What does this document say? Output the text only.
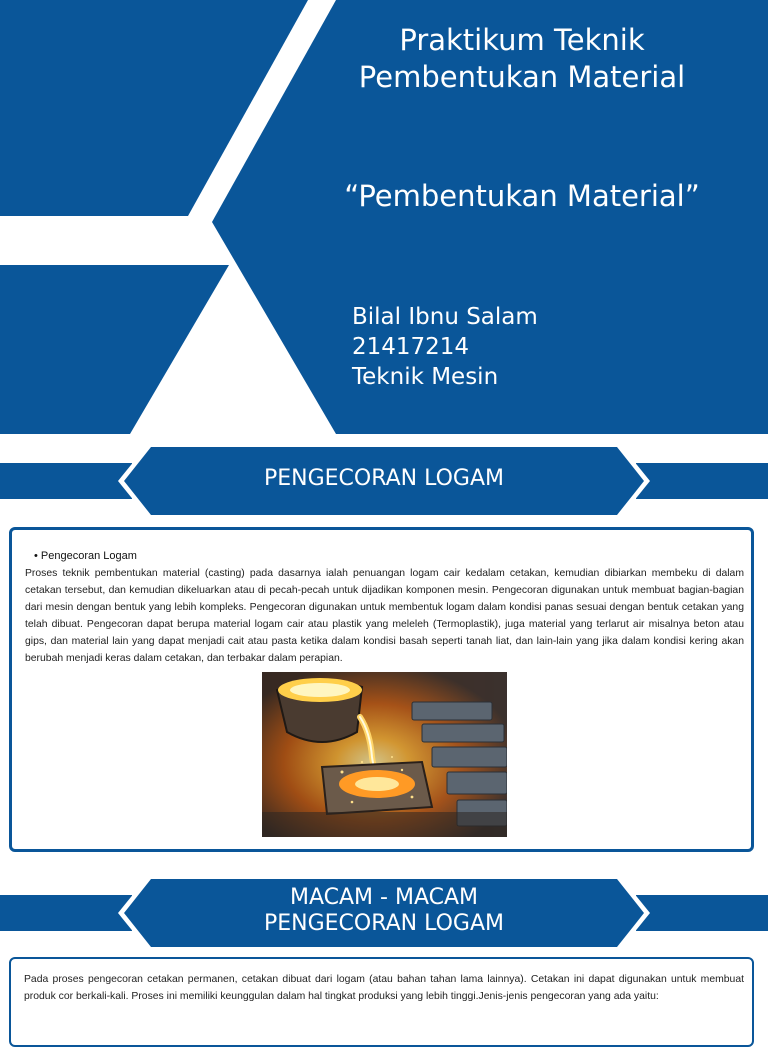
Praktikum Teknik
Pembentukan Material
“Pembentukan Material”
Bilal Ibnu Salam
21417214
Teknik Mesin
PENGECORAN LOGAM
• Pengecoran Logam
Proses teknik pembentukan material (casting) pada dasarnya ialah penuangan logam cair kedalam cetakan, kemudian dibiarkan membeku di dalam cetakan tersebut, dan kemudian dikeluarkan atau di pecah-pecah untuk dijadikan komponen mesin. Pengecoran digunakan untuk membuat bagian-bagian dari mesin dengan bentuk yang lebih kompleks. Pengecoran digunakan untuk membentuk logam dalam kondisi panas sesuai dengan bentuk cetakan yang telah dibuat. Pengecoran dapat berupa material logam cair atau plastik yang meleleh (Termoplastik), juga material yang terlarut air misalnya beton atau gips, dan material lain yang dapat menjadi cait atau pasta ketika dalam kondisi basah seperti tanah liat, dan lain-lain yang jika dalam kondisi kering akan berubah menjadi keras dalam cetakan, dan terbakar dalam perapian.
MACAM - MACAM
PENGECORAN LOGAM
Pada proses pengecoran cetakan permanen, cetakan dibuat dari logam (atau bahan tahan lama lainnya). Cetakan ini dapat digunakan untuk membuat produk cor berkali-kali. Proses ini memiliki keunggulan dalam hal tingkat produksi yang lebih tinggi.Jenis-jenis pengecoran yang ada yaitu:
